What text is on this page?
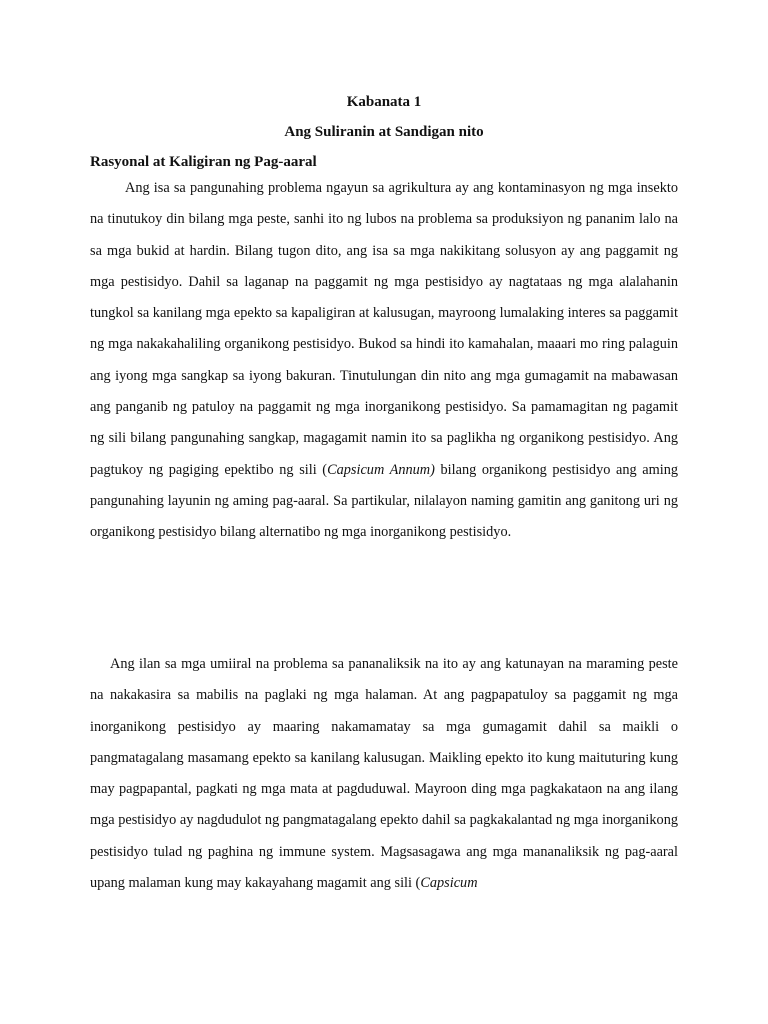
Kabanata 1
Ang Suliranin at Sandigan nito
Rasyonal at Kaligiran ng Pag-aaral

Ang isa sa pangunahing problema ngayun sa agrikultura ay ang kontaminasyon ng mga insekto na tinutukoy din bilang mga peste, sanhi ito ng lubos na problema sa produksiyon ng pananim lalo na sa mga bukid at hardin. Bilang tugon dito, ang isa sa mga nakikitang solusyon ay ang paggamit ng mga pestisidyo. Dahil sa laganap na paggamit ng mga pestisidyo ay nagtataas ng mga alalahanin tungkol sa kanilang mga epekto sa kapaligiran at kalusugan, mayroong lumalaking interes sa paggamit ng mga nakakahaliling organikong pestisidyo. Bukod sa hindi ito kamahalan, maaari mo ring palaguin ang iyong mga sangkap sa iyong bakuran. Tinutulungan din nito ang mga gumagamit na mabawasan ang panganib ng patuloy na paggamit ng mga inorganikong pestisidyo. Sa pamamagitan ng pagamit ng sili bilang pangunahing sangkap, magagamit namin ito sa paglikha ng organikong pestisidyo. Ang pagtukoy ng pagiging epektibo ng sili (Capsicum Annum) bilang organikong pestisidyo ang aming pangunahing layunin ng aming pag-aaral. Sa partikular, nilalayon naming gamitin ang ganitong uri ng organikong pestisidyo bilang alternatibo ng mga inorganikong pestisidyo.

Ang ilan sa mga umiiral na problema sa pananaliksik na ito ay ang katunayan na maraming peste na nakakasira sa mabilis na paglaki ng mga halaman. At ang pagpapatuloy sa paggamit ng mga inorganikong pestisidyo ay maaring nakamamatay sa mga gumagamit dahil sa maikli o pangmatagalang masamang epekto sa kanilang kalusugan. Maikling epekto ito kung maituturing kung may pagpapantal, pagkati ng mga mata at pagduduwal. Mayroon ding mga pagkakataon na ang ilang mga pestisidyo ay nagdudulot ng pangmatagalang epekto dahil sa pagkakalantad ng mga inorganikong pestisidyo tulad ng paghina ng immune system. Magsasagawa ang mga mananaliksik ng pag-aaral upang malaman kung may kakayahang magamit ang sili (Capsicum
